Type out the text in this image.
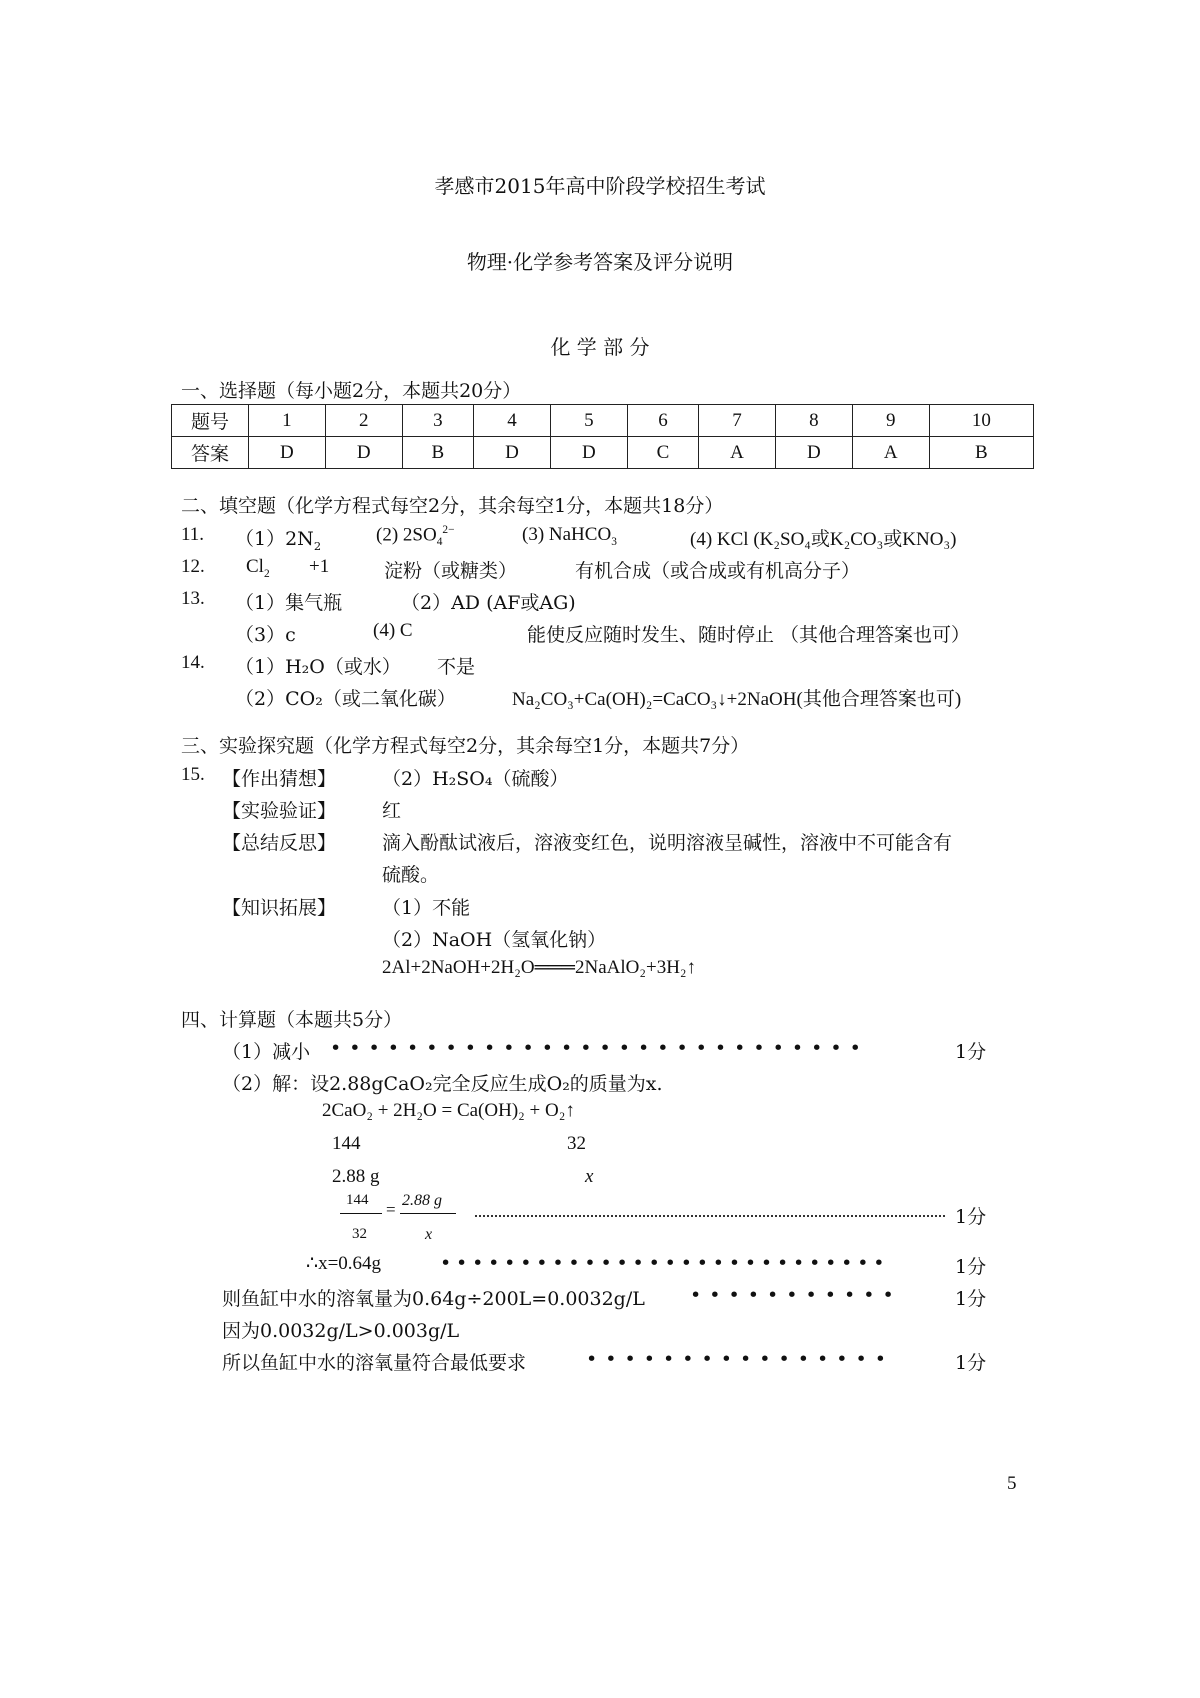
孝感市2015年高中阶段学校招生考试
物理·化学参考答案及评分说明
化 学 部 分
一、选择题（每小题2分，本题共20分）
题号	1	2	3	4	5	6	7	8	9	10
答案	D	D	B	D	D	C	A	D	A	B
二、填空题（化学方程式每空2分，其余每空1分，本题共18分）
11. $(1)2N_2$
(2) $2SO_4^{2-}$	(3) NaHCO$_3$	(4) KCl (K₂SO₄或K₂CO₃或KNO₃)
12. $Cl_2 +1$	淀粉（或糖类）	有机合成（或合成或有机高分子）
13. （1）集气瓶	（2）AD (AF或AG)
（3）c	(4) C	能使反应随时发生、随时停止 （其他合理答案也可）
14. （1）H₂O（或水） 不是
（2）CO₂（或二氧化碳）	Na₂CO₃+Ca(OH)₂=CaCO₃↓+2NaOH(其他合理答案也可)
三、实验探究题（化学方程式每空2分，其余每空1分，本题共7分）
15. 【作出猜想】 （2）H₂SO₄（硫酸）
【实验验证】 红
【总结反思】 滴入酚酞试液后，溶液变红色，说明溶液呈碱性，溶液中不可能含有
硫酸。
【知识拓展】 （1）不能
（2）NaOH（氢氧化钠）
2Al+2NaOH+2H₂O═══2NaAlO₂+3H₂↑
四、计算题（本题共5分）
（1）减小 • • • • • • • • • • • • • • • • • • • • • • • • • • • •	1分
（2）解：设2.88gCaO₂完全反应生成O₂的质量为x.
2CaO₂ + 2H₂O = Ca(OH)₂ + O₂↑
144	32
2.88 g	x
144
32
= 2.88 g
x
1分
∴x=0.64g	• • • • • • • • • • • • • • • • • • • • • • • • • • • •	1分
则鱼缸中水的溶氧量为0.64g÷200L=0.0032g/L • • • • • • • • • • •	1分
因为0.0032g/L>0.003g/L
所以鱼缸中水的溶氧量符合最低要求	• • • • • • • • • • • • • • • •	1分
5
